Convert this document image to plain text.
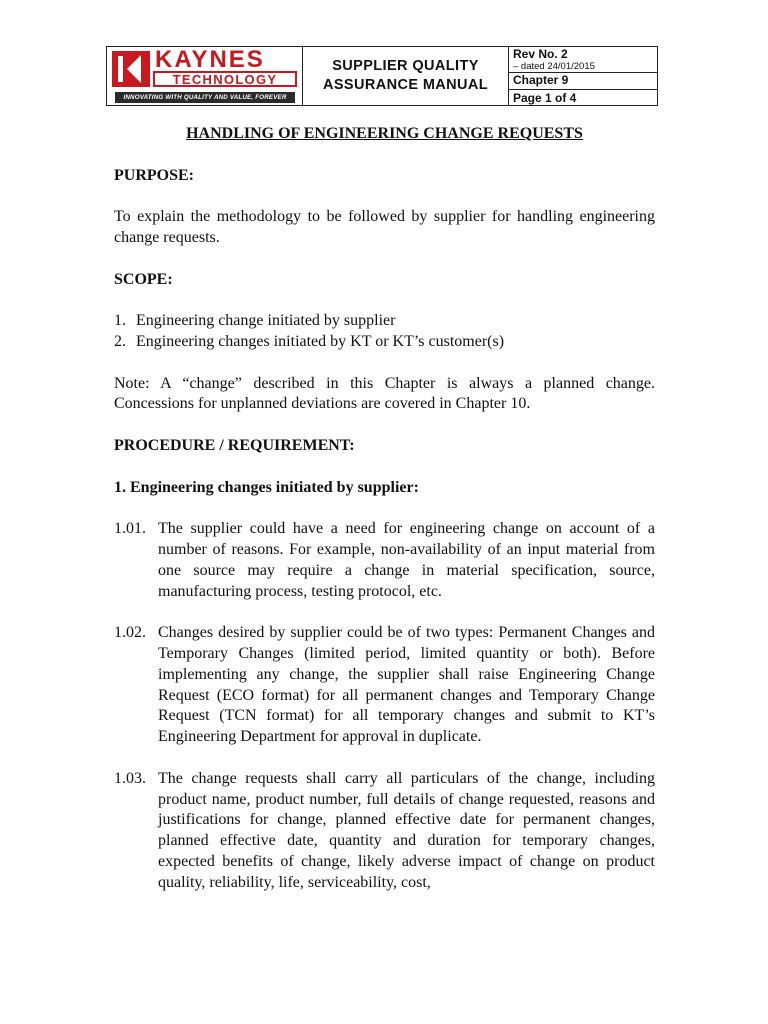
KAYNES
TECHNOLOGY
INNOVATING WITH QUALITY AND VALUE, FOREVER
SUPPLIER QUALITY
ASSURANCE MANUAL
Rev No. 2
– dated 24/01/2015
Chapter 9
Page 1 of 4

HANDLING OF ENGINEERING CHANGE REQUESTS

PURPOSE:

To explain the methodology to be followed by supplier for handling engineering change requests.

SCOPE:

1. Engineering change initiated by supplier
2. Engineering changes initiated by KT or KT’s customer(s)

Note: A “change” described in this Chapter is always a planned change. Concessions for unplanned deviations are covered in Chapter 10.

PROCEDURE / REQUIREMENT:

1. Engineering changes initiated by supplier:

1.01. The supplier could have a need for engineering change on account of a number of reasons. For example, non-availability of an input material from one source may require a change in material specification, source, manufacturing process, testing protocol, etc.
1.02. Changes desired by supplier could be of two types: Permanent Changes and Temporary Changes (limited period, limited quantity or both). Before implementing any change, the supplier shall raise Engineering Change Request (ECO format) for all permanent changes and Temporary Change Request (TCN format) for all temporary changes and submit to KT’s Engineering Department for approval in duplicate.
1.03. The change requests shall carry all particulars of the change, including product name, product number, full details of change requested, reasons and justifications for change, planned effective date for permanent changes, planned effective date, quantity and duration for temporary changes, expected benefits of change, likely adverse impact of change on product quality, reliability, life, serviceability, cost,
